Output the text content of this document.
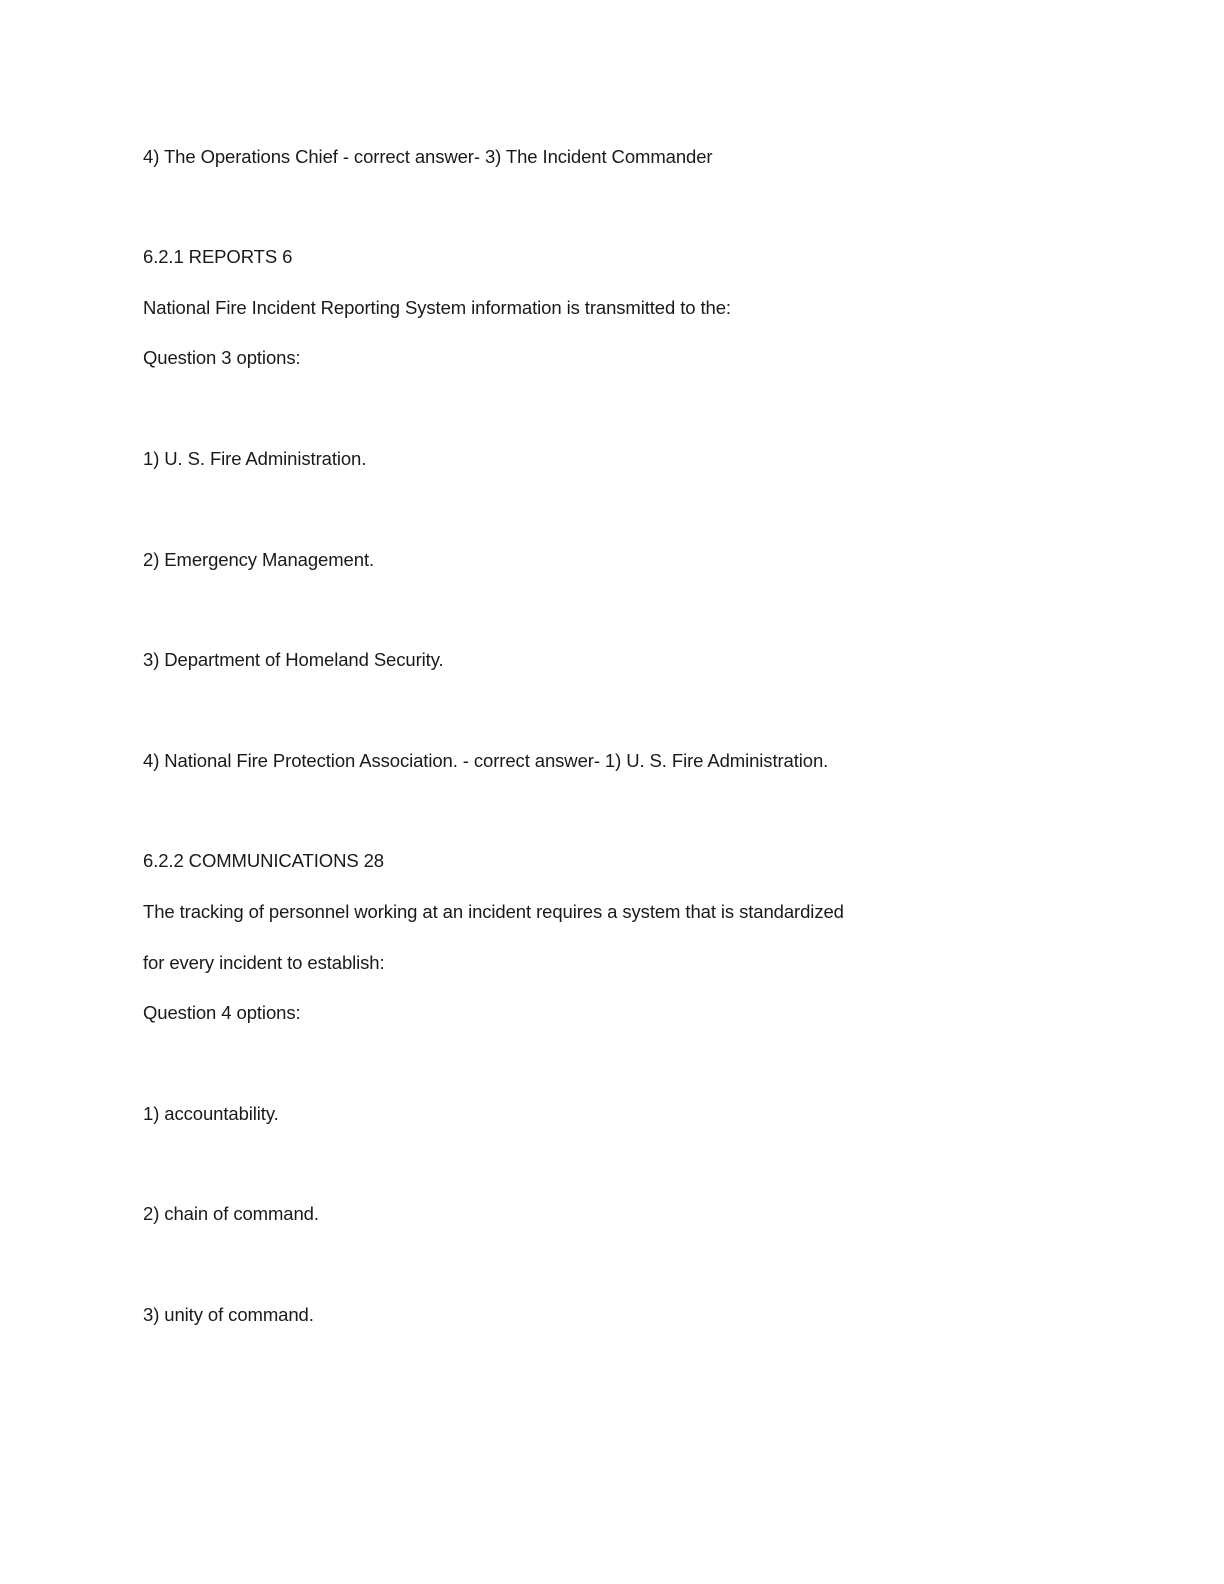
4) The Operations Chief - correct answer- 3) The Incident Commander
6.2.1 REPORTS 6
National Fire Incident Reporting System information is transmitted to the:
Question 3 options:
1) U. S. Fire Administration.
2) Emergency Management.
3) Department of Homeland Security.
4) National Fire Protection Association. - correct answer- 1) U. S. Fire Administration.
6.2.2 COMMUNICATIONS 28
The tracking of personnel working at an incident requires a system that is standardized
for every incident to establish:
Question 4 options:
1) accountability.
2) chain of command.
3) unity of command.
